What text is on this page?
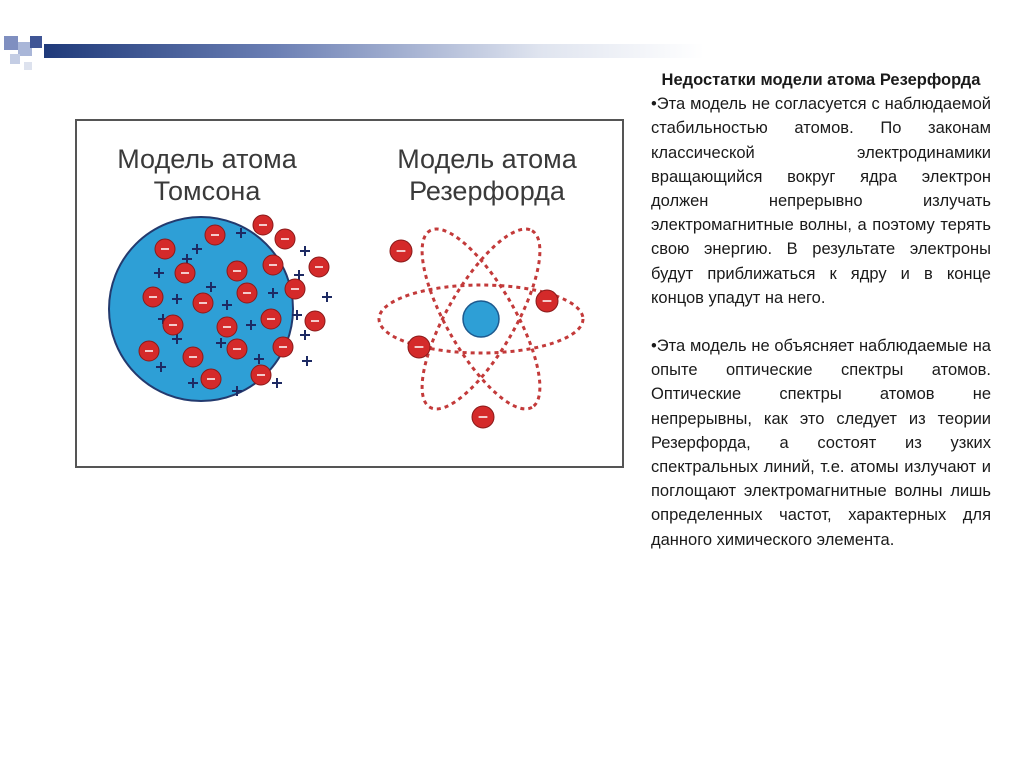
Модель атома
Томсона
Модель атома
Резерфорда

Недостатки модели атома Резерфорда

•Эта модель не согласуется с наблюдаемой стабильностью атомов. По законам классической электродинамики вращающийся вокруг ядра электрон должен непрерывно излучать электромагнитные волны, а поэтому терять свою энергию. В результате электроны будут приближаться к ядру и в конце концов упадут на него.

•Эта модель не объясняет наблюдаемые на опыте оптические спектры атомов. Оптические спектры атомов не непрерывны, как это следует из теории Резерфорда, а состоят из узких спектральных линий, т.е. атомы излучают и поглощают электромагнитные волны лишь определенных частот, характерных для данного химического элемента.
